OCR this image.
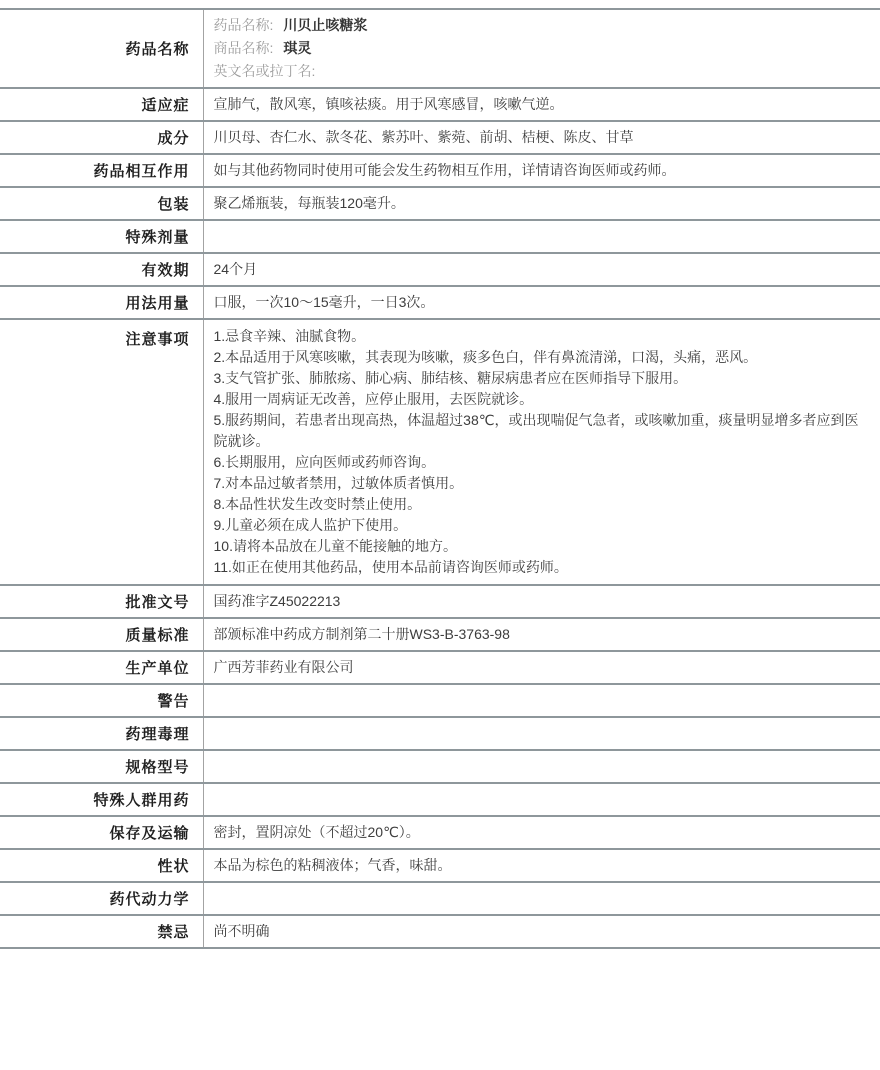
药品名称	药品名称: 川贝止咳糖浆
商品名称: 琪灵
英文名或拉丁名:

适应症	宣肺气，散风寒，镇咳祛痰。用于风寒感冒，咳嗽气逆。
成分	川贝母、杏仁水、款冬花、紫苏叶、紫菀、前胡、桔梗、陈皮、甘草
药品相互作用	如与其他药物同时使用可能会发生药物相互作用，详情请咨询医师或药师。
包装	聚乙烯瓶装，每瓶装120毫升。
特殊剂量	
有效期	24个月
用法用量	口服，一次10～15毫升，一日3次。
注意事项	1.忌食辛辣、油腻食物。
2.本品适用于风寒咳嗽，其表现为咳嗽，痰多色白，伴有鼻流清涕，口渴，头痛，恶风。
3.支气管扩张、肺脓疡、肺心病、肺结核、糖尿病患者应在医师指导下服用。
4.服用一周病证无改善，应停止服用，去医院就诊。
5.服药期间，若患者出现高热，体温超过38℃，或出现喘促气急者，或咳嗽加重，痰量明显增多者应到医院就诊。
6.长期服用，应向医师或药师咨询。
7.对本品过敏者禁用，过敏体质者慎用。
8.本品性状发生改变时禁止使用。
9.儿童必须在成人监护下使用。
10.请将本品放在儿童不能接触的地方。
11.如正在使用其他药品，使用本品前请咨询医师或药师。

批准文号	国药准字Z45022213
质量标准	部颁标准中药成方制剂第二十册WS3-B-3763-98
生产单位	广西芳菲药业有限公司
警告	
药理毒理	
规格型号	
特殊人群用药	
保存及运输	密封，置阴凉处（不超过20℃）。
性状	本品为棕色的粘稠液体；气香，味甜。
药代动力学	
禁忌	尚不明确
